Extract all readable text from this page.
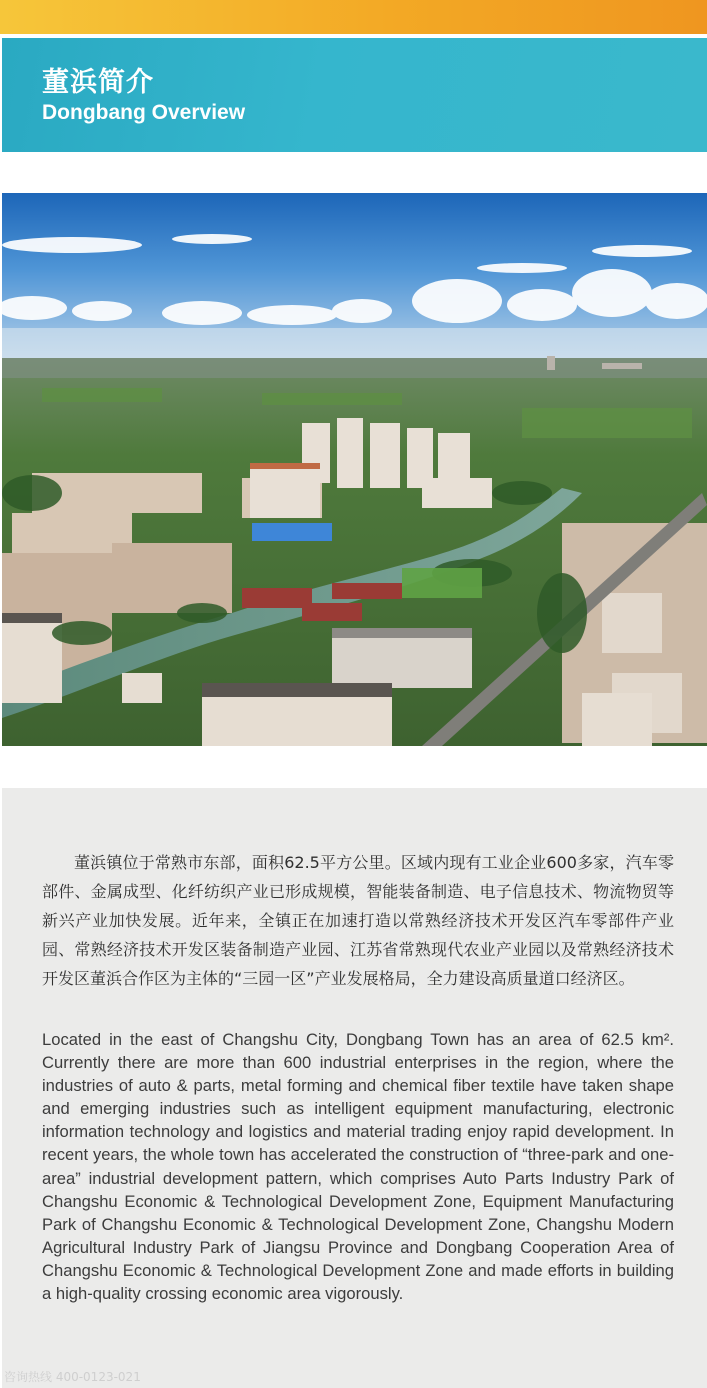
董浜简介
Dongbang Overview

董浜镇位于常熟市东部，面积62.5平方公里。区域内现有工业企业600多家，汽车零部件、金属成型、化纤纺织产业已形成规模，智能装备制造、电子信息技术、物流物贸等新兴产业加快发展。近年来，全镇正在加速打造以常熟经济技术开发区汽车零部件产业园、常熟经济技术开发区装备制造产业园、江苏省常熟现代农业产业园以及常熟经济技术开发区董浜合作区为主体的“三园一区”产业发展格局，全力建设高质量道口经济区。

Located in the east of Changshu City, Dongbang Town has an area of 62.5 km². Currently there are more than 600 industrial enterprises in the region, where the industries of auto & parts, metal forming and chemical fiber textile have taken shape and emerging industries such as intelligent equipment manufacturing, electronic information technology and logistics and material trading enjoy rapid development. In recent years, the whole town has accelerated the construction of “three-park and one-area” industrial development pattern, which comprises Auto Parts Industry Park of Changshu Economic & Technological Development Zone, Equipment Manufacturing Park of Changshu Economic & Technological Development Zone, Changshu Modern Agricultural Industry Park of Jiangsu Province and Dongbang Cooperation Area of Changshu Economic & Technological Development Zone and made efforts in building a high-quality crossing economic area vigorously.

咨询热线 400-0123-021
